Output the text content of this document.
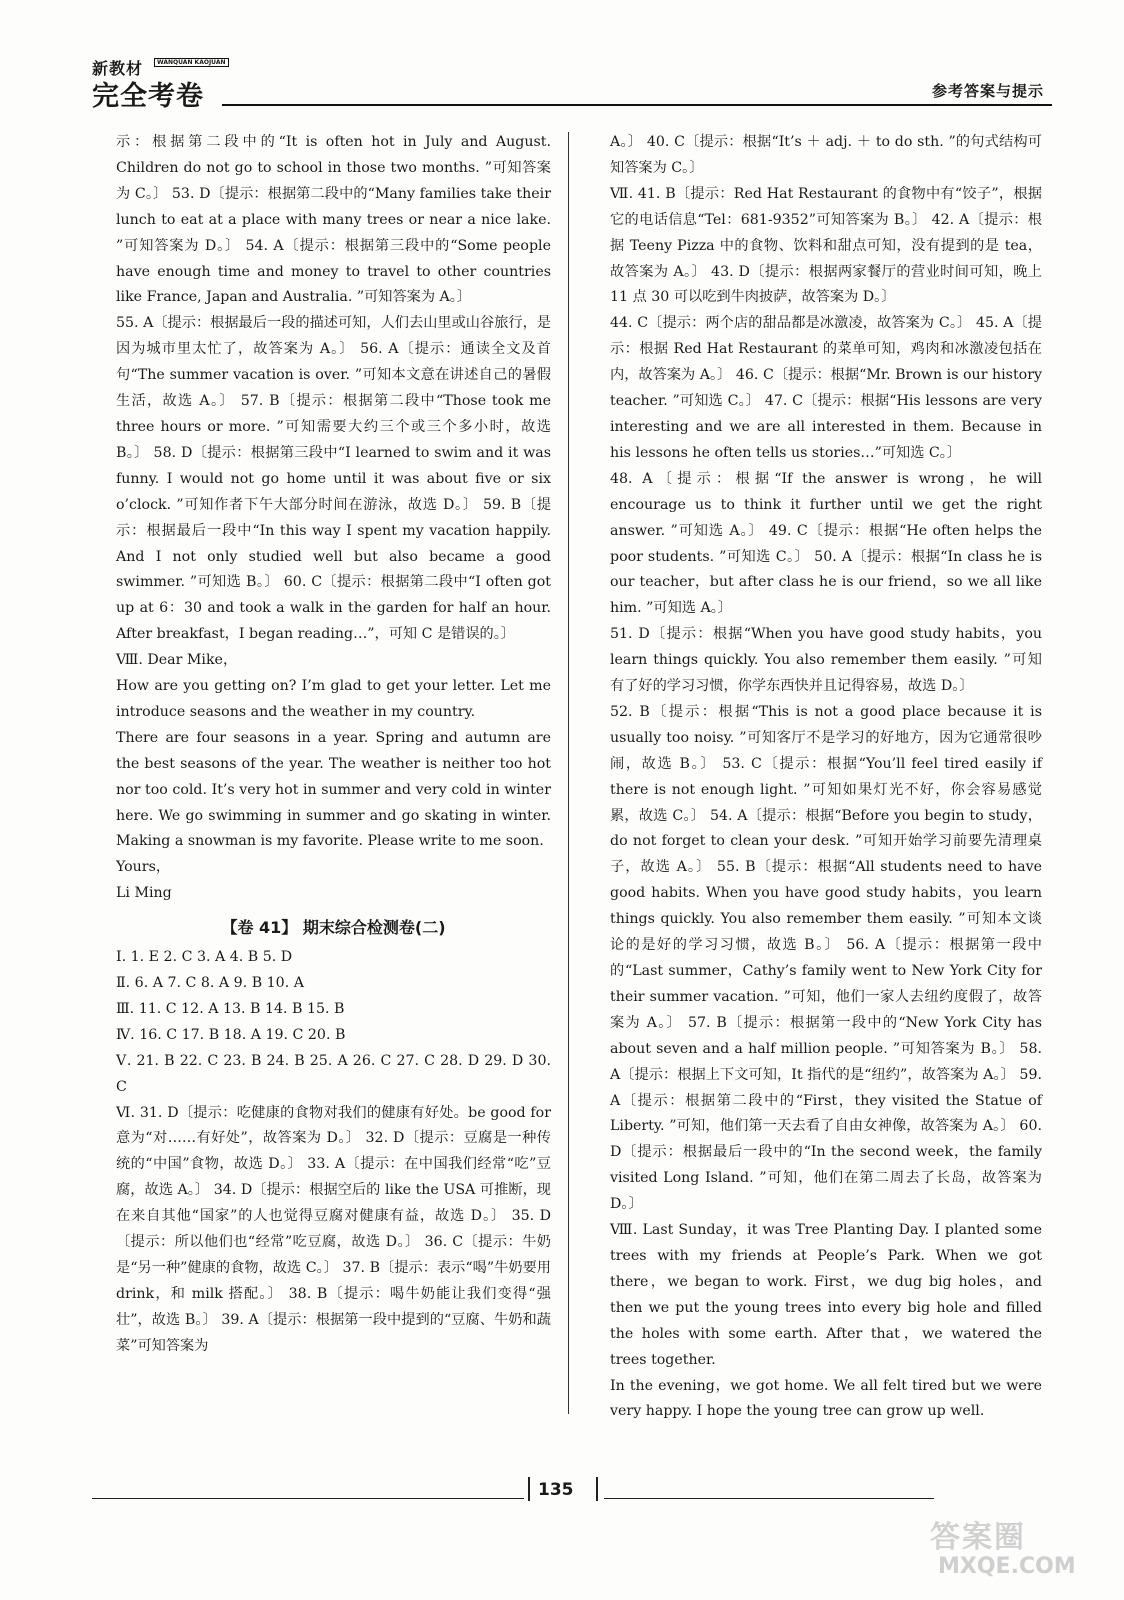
新教材	WANQUAN KAOJUAN
完全考卷	参考答案与提示

示：根据第二段中的“It is often hot in July and August. Children do not go to school in those two months. ”可知答案为 C。〕 53. D〔提示：根据第二段中的“Many families take their lunch to eat at a place with many trees or near a nice lake. ”可知答案为 D。〕 54. A〔提示：根据第三段中的“Some people have enough time and money to travel to other countries like France, Japan and Australia. ”可知答案为 A。〕

55. A〔提示：根据最后一段的描述可知，人们去山里或山谷旅行，是因为城市里太忙了，故答案为 A。〕 56. A〔提示：通读全文及首句“The summer vacation is over. ”可知本文意在讲述自己的暑假生活，故选 A。〕 57. B〔提示：根据第二段中“Those took me three hours or more. ”可知需要大约三个或三个多小时，故选 B。〕 58. D〔提示：根据第三段中“I learned to swim and it was funny. I would not go home until it was about five or six o’clock. ”可知作者下午大部分时间在游泳，故选 D。〕 59. B〔提示：根据最后一段中“In this way I spent my vacation happily. And I not only studied well but also became a good swimmer. ”可知选 B。〕 60. C〔提示：根据第二段中“I often got up at 6：30 and took a walk in the garden for half an hour. After breakfast，I began reading…”，可知 C 是错误的。〕

Ⅷ. Dear Mike，

How are you getting on? I’m glad to get your letter. Let me introduce seasons and the weather in my country.

There are four seasons in a year. Spring and autumn are the best seasons of the year. The weather is neither too hot nor too cold. It’s very hot in summer and very cold in winter here. We go swimming in summer and go skating in winter. Making a snowman is my favorite. Please write to me soon.

Yours，

Li Ming

【卷 41】 期末综合检测卷(二)

Ⅰ. 1. E 2. C 3. A 4. B 5. D

Ⅱ. 6. A 7. C 8. A 9. B 10. A

Ⅲ. 11. C 12. A 13. B 14. B 15. B

Ⅳ. 16. C 17. B 18. A 19. C 20. B

Ⅴ. 21. B 22. C 23. B 24. B 25. A 26. C 27. C 28. D 29. D 30. C

Ⅵ. 31. D〔提示：吃健康的食物对我们的健康有好处。be good for 意为“对……有好处”，故答案为 D。〕 32. D〔提示：豆腐是一种传统的“中国”食物，故选 D。〕 33. A〔提示：在中国我们经常“吃”豆腐，故选 A。〕 34. D〔提示：根据空后的 like the USA 可推断，现在来自其他“国家”的人也觉得豆腐对健康有益，故选 D。〕 35. D〔提示：所以他们也“经常”吃豆腐，故选 D。〕 36. C〔提示：牛奶是“另一种”健康的食物，故选 C。〕 37. B〔提示：表示“喝”牛奶要用 drink，和 milk 搭配。〕 38. B〔提示：喝牛奶能让我们变得“强壮”，故选 B。〕 39. A〔提示：根据第一段中提到的“豆腐、牛奶和蔬菜”可知答案为

A。〕 40. C〔提示：根据“It’s ＋ adj. ＋ to do sth. ”的句式结构可知答案为 C。〕

Ⅶ. 41. B〔提示：Red Hat Restaurant 的食物中有“饺子”，根据它的电话信息“Tel：681-9352”可知答案为 B。〕 42. A〔提示：根据 Teeny Pizza 中的食物、饮料和甜点可知，没有提到的是 tea，故答案为 A。〕 43. D〔提示：根据两家餐厅的营业时间可知，晚上 11 点 30 可以吃到牛肉披萨，故答案为 D。〕

44. C〔提示：两个店的甜品都是冰激凌，故答案为 C。〕 45. A〔提示：根据 Red Hat Restaurant 的菜单可知，鸡肉和冰激凌包括在内，故答案为 A。〕 46. C〔提示：根据“Mr. Brown is our history teacher. ”可知选 C。〕 47. C〔提示：根据“His lessons are very interesting and we are all interested in them. Because in his lessons he often tells us stories…”可知选 C。〕

48. A〔提示：根据“If the answer is wrong，he will encourage us to think it further until we get the right answer. ”可知选 A。〕 49. C〔提示：根据“He often helps the poor students. ”可知选 C。〕 50. A〔提示：根据“In class he is our teacher，but after class he is our friend，so we all like him. ”可知选 A。〕

51. D〔提示：根据“When you have good study habits，you learn things quickly. You also remember them easily. ”可知有了好的学习习惯，你学东西快并且记得容易，故选 D。〕

52. B〔提示：根据“This is not a good place because it is usually too noisy. ”可知客厅不是学习的好地方，因为它通常很吵闹，故选 B。〕 53. C〔提示：根据“You’ll feel tired easily if there is not enough light. ”可知如果灯光不好，你会容易感觉累，故选 C。〕 54. A〔提示：根据“Before you begin to study，do not forget to clean your desk. ”可知开始学习前要先清理桌子，故选 A。〕 55. B〔提示：根据“All students need to have good habits. When you have good study habits，you learn things quickly. You also remember them easily. ”可知本文谈论的是好的学习习惯，故选 B。〕 56. A〔提示：根据第一段中的“Last summer，Cathy’s family went to New York City for their summer vacation. ”可知，他们一家人去纽约度假了，故答案为 A。〕 57. B〔提示：根据第一段中的“New York City has about seven and a half million people. ”可知答案为 B。〕 58. A〔提示：根据上下文可知，It 指代的是“纽约”，故答案为 A。〕 59. A〔提示：根据第二段中的“First，they visited the Statue of Liberty. ”可知，他们第一天去看了自由女神像，故答案为 A。〕 60. D〔提示：根据最后一段中的“In the second week，the family visited Long Island. ”可知，他们在第二周去了长岛，故答案为 D。〕

Ⅷ. Last Sunday，it was Tree Planting Day. I planted some trees with my friends at People’s Park. When we got there，we began to work. First，we dug big holes，and then we put the young trees into every big hole and filled the holes with some earth. After that，we watered the trees together.

In the evening，we got home. We all felt tired but we were very happy. I hope the young tree can grow up well.

135
答案圈
MXQE.COM
